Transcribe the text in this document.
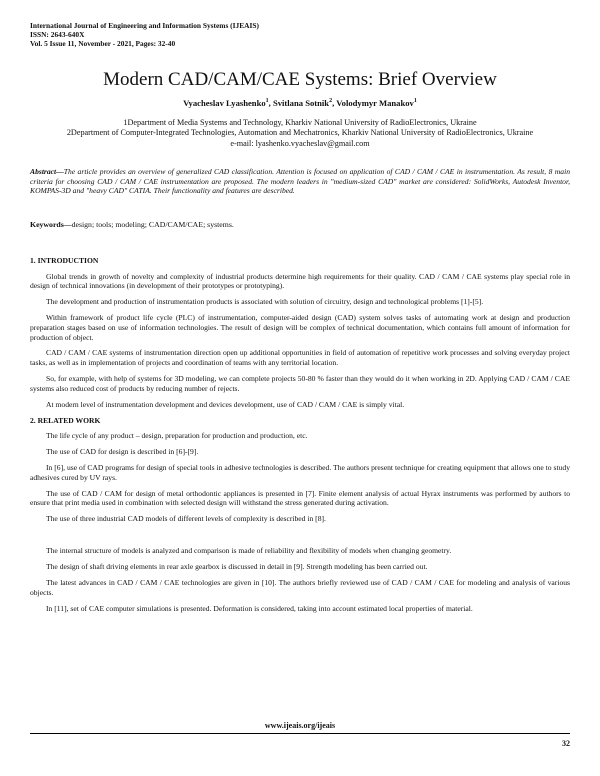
International Journal of Engineering and Information Systems (IJEAIS)
ISSN: 2643-640X
Vol. 5 Issue 11, November - 2021, Pages: 32-40
Modern CAD/CAM/CAE Systems: Brief Overview
Vyacheslav Lyashenko$^1$, Svitlana Sotnik$^2$, Volodymyr Manakov$^1$
1Department of Media Systems and Technology, Kharkiv National University of RadioElectronics, Ukraine
2Department of Computer-Integrated Technologies, Automation and Mechatronics, Kharkiv National University of RadioElectronics, Ukraine
e-mail: lyashenko.vyacheslav@gmail.com
Abstract—The article provides an overview of generalized CAD classification. Attention is focused on application of CAD / CAM / CAE in instrumentation. As result, 8 main criteria for choosing CAD / CAM / CAE instrumentation are proposed. The modern leaders in "medium-sized CAD" market are considered: SolidWorks, Autodesk Inventor, KOMPAS-3D and "heavy CAD" CATIA. Their functionality and features are described.
Keywords—design; tools; modeling; CAD/CAM/CAE; systems.
1. INTRODUCTION

Global trends in growth of novelty and complexity of industrial products determine high requirements for their quality. CAD / CAM / CAE systems play special role in design of technical innovations (in development of their prototypes or prototyping).

The development and production of instrumentation products is associated with solution of circuitry, design and technological problems [1]-[5].

Within framework of product life cycle (PLC) of instrumentation, computer-aided design (CAD) system solves tasks of automating work at design and production preparation stages based on use of information technologies. The result of design will be complex of technical documentation, which contains full amount of information for production of object.

CAD / CAM / CAE systems of instrumentation direction open up additional opportunities in field of automation of repetitive work processes and solving everyday project tasks, as well as in implementation of projects and coordination of teams with any territorial location.

So, for example, with help of systems for 3D modeling, we can complete projects 50-80 % faster than they would do it when working in 2D. Applying CAD / CAM / CAE systems also reduced cost of products by reducing number of rejects.

At modern level of instrumentation development and devices development, use of CAD / CAM / CAE is simply vital.

2. RELATED WORK

The life cycle of any product – design, preparation for production and production, etc.

The use of CAD for design is described in [6]-[9].

In [6], use of CAD programs for design of special tools in adhesive technologies is described. The authors present technique for creating equipment that allows one to study adhesives cured by UV rays.

The use of CAD / CAM for design of metal orthodontic appliances is presented in [7]. Finite element analysis of actual Hyrax instruments was performed by authors to ensure that print media used in combination with selected design will withstand the stress generated during activation.

The use of three industrial CAD models of different levels of complexity is described in [8].

The internal structure of models is analyzed and comparison is made of reliability and flexibility of models when changing geometry.

The design of shaft driving elements in rear axle gearbox is discussed in detail in [9]. Strength modeling has been carried out.

The latest advances in CAD / CAM / CAE technologies are given in [10]. The authors briefly reviewed use of CAD / CAM / CAE for modeling and analysis of various objects.

In [11], set of CAE computer simulations is presented. Deformation is considered, taking into account estimated local properties of material.

www.ijeais.org/ijeais
32
